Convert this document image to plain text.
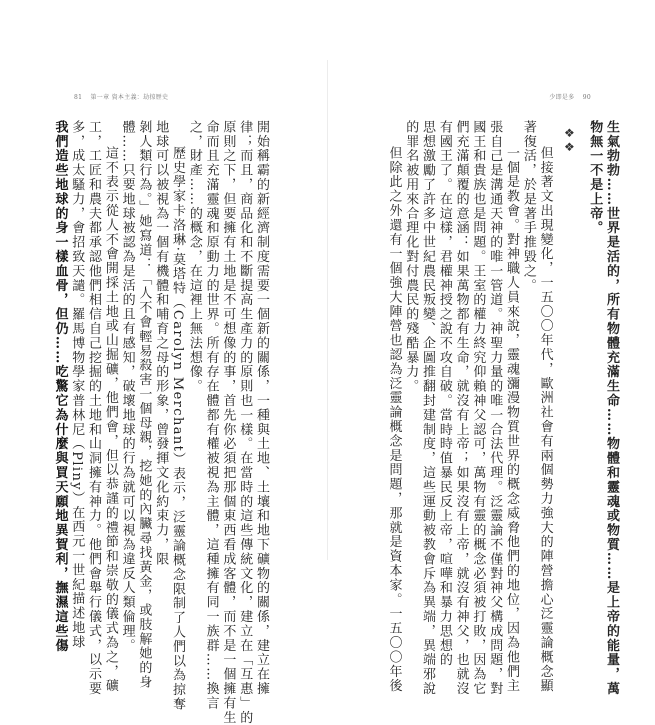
81 第一章 資本主義：劫掠歷史
開始稱霸的新經濟制度需要一個新的關係，一種與土地、土壤和地下礦物的關係，建立在擁
律；而且，商品化和不斷提高生產力的原則也一樣。在當時的這些傳統文化，建立在「互惠」的
原則之下，但要擁有土地是不可想像的事，首先你必須把那個東西看成客體，而不是一個擁有生
命而且充滿靈魂和原動力的世界。所有存在體都有權被視為主體，這種擁有同一族群……換言
之，財產……的概念，在這裡上無法想像。
歷史學家卡洛琳·莫塔特（Carolyn Merchant）表示，泛靈論概念限制了人們以為掠奪
地球可以被視為一個有機體和哺育之母的形象，曾發揮文化約束力，限
剝人類行為。」她寫道：「人不會輕易殺害一個母親，挖她的內臟尋找黃金，或肢解她的身
體……只要地球被認為是活的且有感知，破壞地球的行為就可以視為違反人類倫理。
這不表示從人不會開採土地或山掘礦，他們會，但以恭謹的禮節和崇敬的儀式為之，礦
工，工匠和農夫都承認他們相信自己挖掘的土地和山洞擁有神力。他們會舉行儀式，以示要
多，成太騷力，會招致天譴。羅馬博物學家普林尼（Pliny）在西元一世紀描述地球
我們造些地球的身一樣血骨，但仍……吃驚它為什麼與買天願地異賀利，撫濕這些傷
少即是多 90
生氣勃勃……世界是活的，所有物體充滿生命……物體和靈魂或物質……是上帝的能量，萬
物無一不是上帝。
❖❖
但接著文出現變化，一五〇〇年代，歐洲社會有兩個勢力強大的陣營擔心泛靈論概念顯
著復活，於是著手推毀之。
一個是教會。對神職人員來說，靈魂瀰漫物質世界的概念威脅他們的地位，因為他們主
張自己是溝通天神的唯一管道。神聖力量的唯一合法代理。泛靈論不僅對神父構成問題，對
國王和貴族也是問題。王室的權力終究仰賴神父認可，萬物有靈的概念必須被打敗，因為它
們充滿顛覆的意涵：如果萬物都有生命，就沒有上帝；如果沒有上帝，就沒有神父，也就沒
有國王了。在這樣，君權神授之說不攻自破。當時時值暴民反上帝，喧嘩和暴力思想的
思想激勵了許多中世紀農民叛變、企圖推翻封建制度，這些運動被教會斥為異端，異端邪說
的罪名被用來合理化對付農民的殘酷暴力。
但除此之外還有一個強大陣營也認為泛靈論概念是問題，那就是資本家。一五〇〇年後
